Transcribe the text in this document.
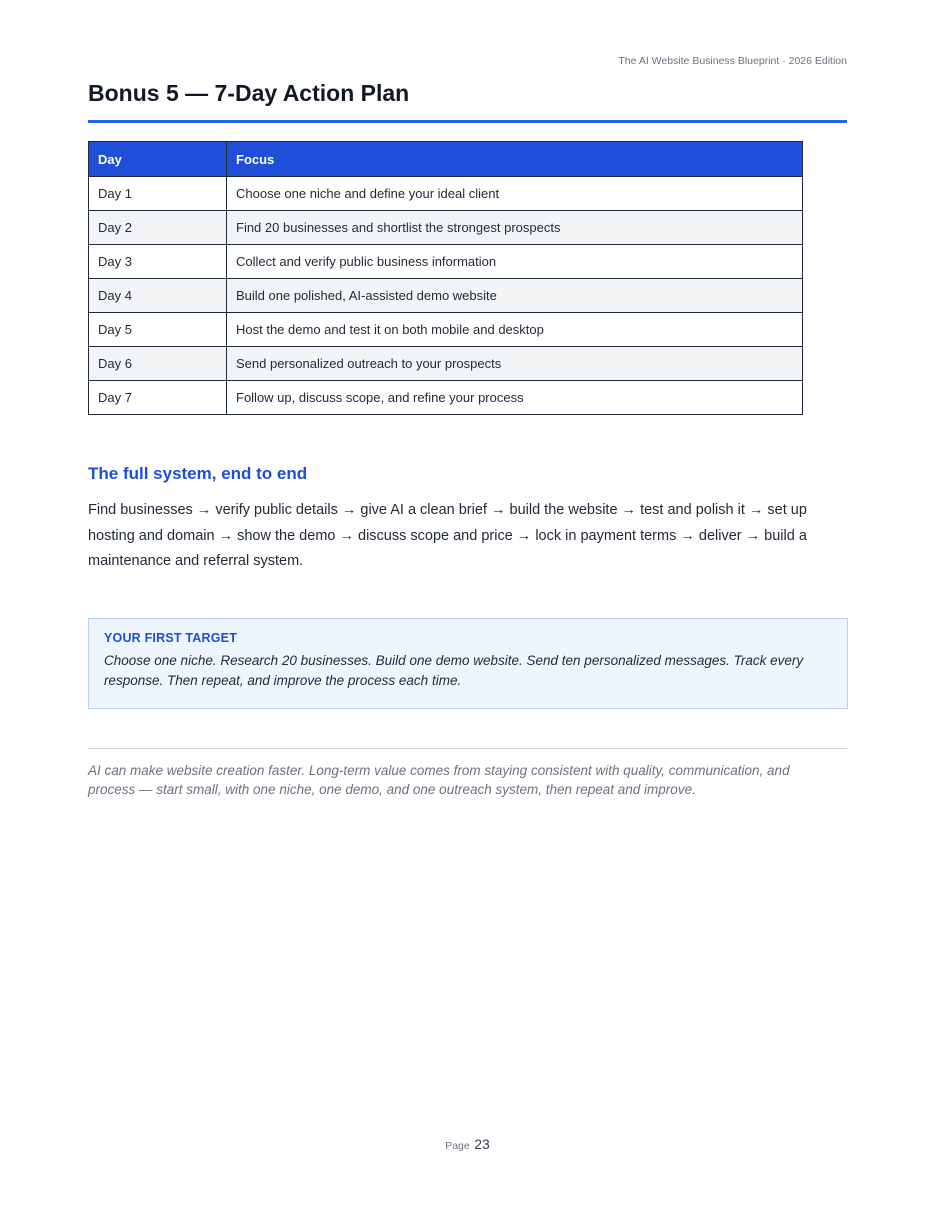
The AI Website Business Blueprint · 2026 Edition
Bonus 5 — 7-Day Action Plan
Day	Focus
Day 1	Choose one niche and define your ideal client
Day 2	Find 20 businesses and shortlist the strongest prospects
Day 3	Collect and verify public business information
Day 4	Build one polished, AI-assisted demo website
Day 5	Host the demo and test it on both mobile and desktop
Day 6	Send personalized outreach to your prospects
Day 7	Follow up, discuss scope, and refine your process
The full system, end to end

Find businesses → verify public details → give AI a clean brief → build the website → test and polish it → set up hosting and domain → show the demo → discuss scope and price → lock in payment terms → deliver → build a maintenance and referral system.

YOUR FIRST TARGET
Choose one niche. Research 20 businesses. Build one demo website. Send ten personalized messages. Track every response. Then repeat, and improve the process each time.

AI can make website creation faster. Long-term value comes from staying consistent with quality, communication, and process — start small, with one niche, one demo, and one outreach system, then repeat and improve.

Page 23
